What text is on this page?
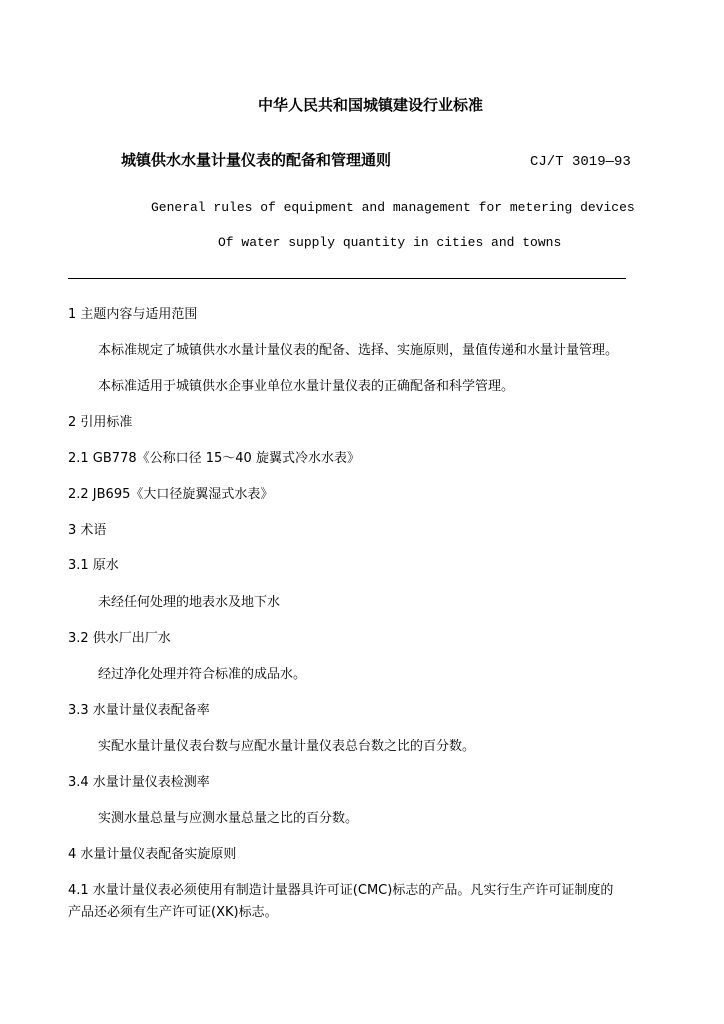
中华人民共和国城镇建设行业标准
城镇供水水量计量仪表的配备和管理通则	CJ/T 3019—93
General rules of equipment and management for metering devices
Of water supply quantity in cities and towns
1 主题内容与适用范围
本标准规定了城镇供水水量计量仪表的配备、选择、实施原则，量值传递和水量计量管理。
本标准适用于城镇供水企事业单位水量计量仪表的正确配备和科学管理。
2 引用标准
2.1 GB778《公称口径 15～40 旋翼式冷水水表》
2.2 JB695《大口径旋翼湿式水表》
3 术语
3.1 原水
未经任何处理的地表水及地下水
3.2 供水厂出厂水
经过净化处理并符合标准的成品水。
3.3 水量计量仪表配备率
实配水量计量仪表台数与应配水量计量仪表总台数之比的百分数。
3.4 水量计量仪表检测率
实测水量总量与应测水量总量之比的百分数。
4 水量计量仪表配备实旋原则
4.1 水量计量仪表必须使用有制造计量器具许可证(CMC)标志的产品。凡实行生产许可证制度的
产品还必须有生产许可证(XK)标志。
